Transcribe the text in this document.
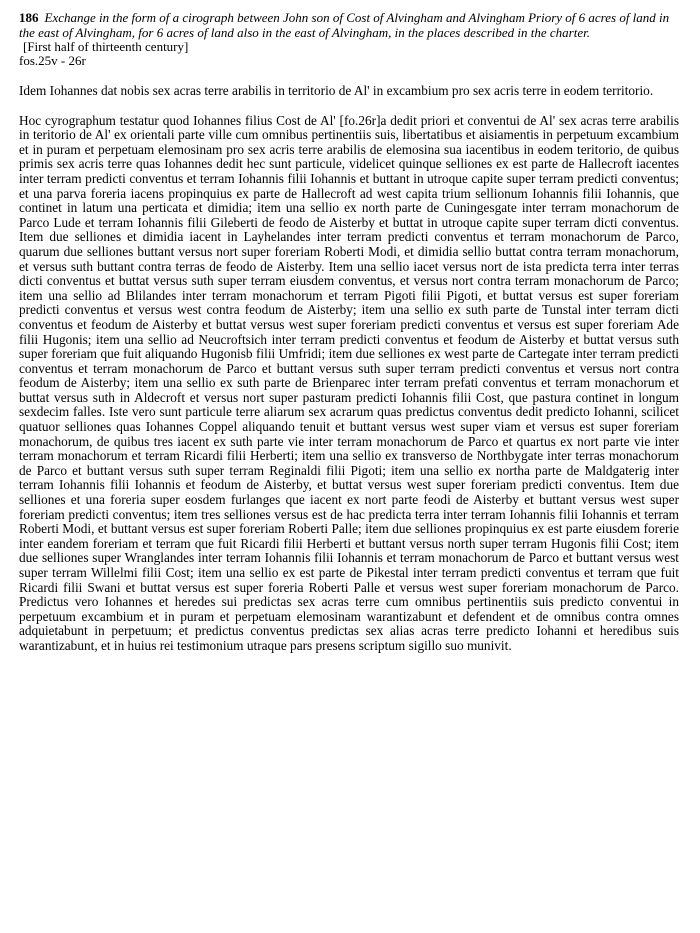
186 Exchange in the form of a cirograph between John son of Cost of Alvingham and Alvingham Priory of 6 acres of land in the east of Alvingham, for 6 acres of land also in the east of Alvingham, in the places described in the charter.
[First half of thirteenth century]
fos.25v - 26r

Idem Iohannes dat nobis sex acras terre arabilis in territorio de Al' in excambium pro sex acris terre in eodem territorio.

Hoc cyrographum testatur quod Iohannes filius Cost de Al' [fo.26r]a dedit priori et conventui de Al' sex acras terre arabilis in teritorio de Al' ex orientali parte ville cum omnibus pertinentiis suis, libertatibus et aisiamentis in perpetuum excambium et in puram et perpetuam elemosinam pro sex acris terre arabilis de elemosina sua iacentibus in eodem teritorio, de quibus primis sex acris terre quas Iohannes dedit hec sunt particule, videlicet quinque selliones ex est parte de Hallecroft iacentes inter terram predicti conventus et terram Iohannis filii Iohannis et buttant in utroque capite super terram predicti conventus; et una parva foreria iacens propinquius ex parte de Hallecroft ad west capita trium sellionum Iohannis filii Iohannis, que continet in latum una perticata et dimidia; item una sellio ex north parte de Cuningesgate inter terram monachorum de Parco Lude et terram Iohannis filii Gileberti de feodo de Aisterby et buttat in utroque capite super terram dicti conventus. Item due selliones et dimidia iacent in Layhelandes inter terram predicti conventus et terram monachorum de Parco, quarum due selliones buttant versus nort super foreriam Roberti Modi, et dimidia sellio buttat contra terram monachorum, et versus suth buttant contra terras de feodo de Aisterby. Item una sellio iacet versus nort de ista predicta terra inter terras dicti conventus et buttat versus suth super terram eiusdem conventus, et versus nort contra terram monachorum de Parco; item una sellio ad Blilandes inter terram monachorum et terram Pigoti filii Pigoti, et buttat versus est super foreriam predicti conventus et versus west contra feodum de Aisterby; item una sellio ex suth parte de Tunstal inter terram dicti conventus et feodum de Aisterby et buttat versus west super foreriam predicti conventus et versus est super foreriam Ade filii Hugonis; item una sellio ad Neucroftsich inter terram predicti conventus et feodum de Aisterby et buttat versus suth super foreriam que fuit aliquando Hugonisb filii Umfridi; item due selliones ex west parte de Cartegate inter terram predicti conventus et terram monachorum de Parco et buttant versus suth super terram predicti conventus et versus nort contra feodum de Aisterby; item una sellio ex suth parte de Brienparec inter terram prefati conventus et terram monachorum et buttat versus suth in Aldecroft et versus nort super pasturam predicti Iohannis filii Cost, que pastura continet in longum sexdecim falles. Iste vero sunt particule terre aliarum sex acrarum quas predictus conventus dedit predicto Iohanni, scilicet quatuor selliones quas Iohannes Coppel aliquando tenuit et buttant versus west super viam et versus est super foreriam monachorum, de quibus tres iacent ex suth parte vie inter terram monachorum de Parco et quartus ex nort parte vie inter terram monachorum et terram Ricardi filii Herberti; item una sellio ex transverso de Northbygate inter terras monachorum de Parco et buttant versus suth super terram Reginaldi filii Pigoti; item una sellio ex northa parte de Maldgaterig inter terram Iohannis filii Iohannis et feodum de Aisterby, et buttat versus west super foreriam predicti conventus. Item due selliones et una foreria super eosdem furlanges que iacent ex nort parte feodi de Aisterby et buttant versus west super foreriam predicti conventus; item tres selliones versus est de hac predicta terra inter terram Iohannis filii Iohannis et terram Roberti Modi, et buttant versus est super foreriam Roberti Palle; item due selliones propinquius ex est parte eiusdem forerie inter eandem foreriam et terram que fuit Ricardi filii Herberti et buttant versus north super terram Hugonis filii Cost; item due selliones super Wranglandes inter terram Iohannis filii Iohannis et terram monachorum de Parco et buttant versus west super terram Willelmi filii Cost; item una sellio ex est parte de Pikestal inter terram predicti conventus et terram que fuit Ricardi filii Swani et buttat versus est super foreria Roberti Palle et versus west super foreriam monachorum de Parco. Predictus vero Iohannes et heredes sui predictas sex acras terre cum omnibus pertinentiis suis predicto conventui in perpetuum excambium et in puram et perpetuam elemosinam warantizabunt et defendent et de omnibus contra omnes adquietabunt in perpetuum; et predictus conventus predictas sex alias acras terre predicto Iohanni et heredibus suis warantizabunt, et in huius rei testimonium utraque pars presens scriptum sigillo suo munivit.
